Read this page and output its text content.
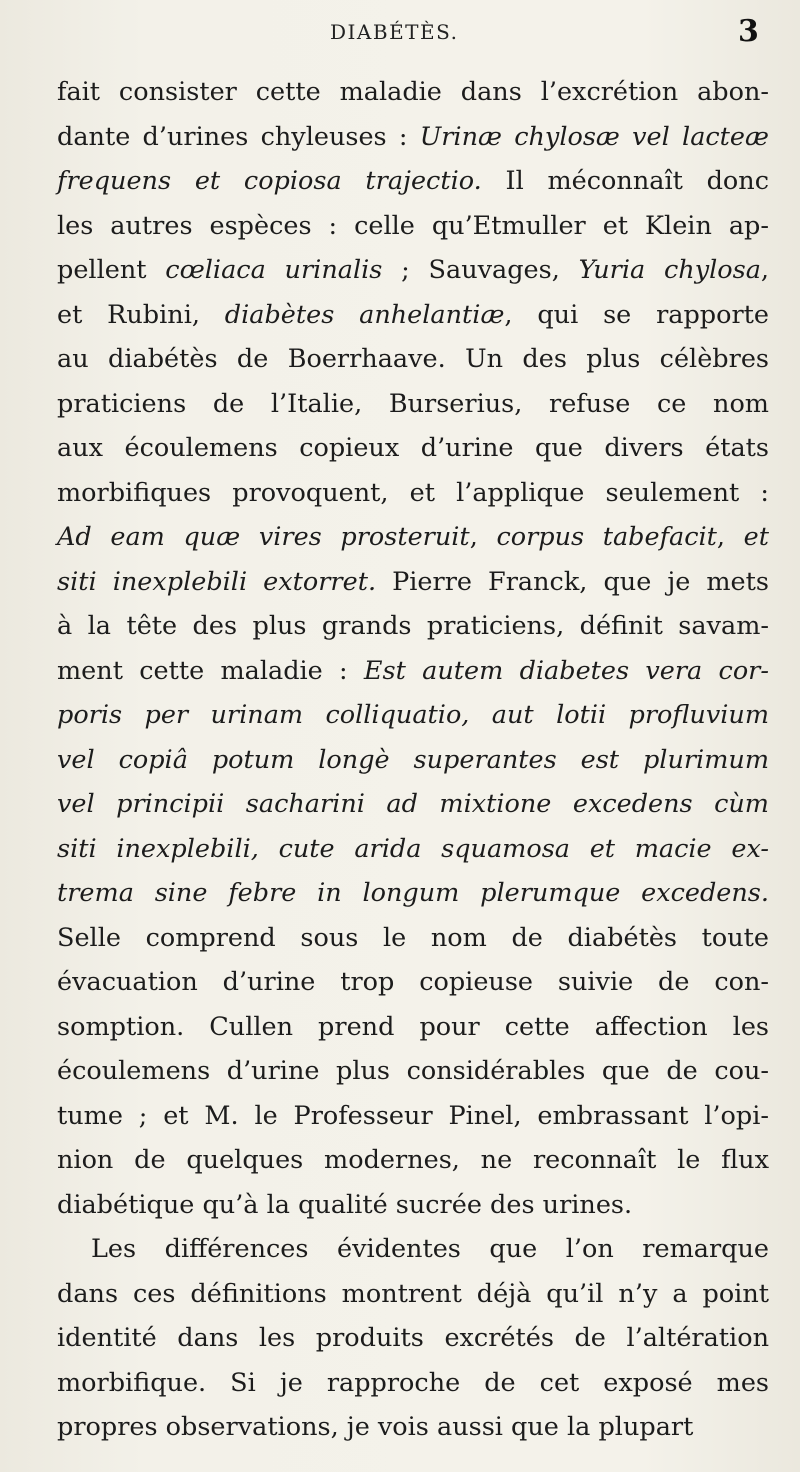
DIABÉTÈS.	3
fait consister cette maladie dans l’excrétion abon-
dante d’urines chyleuses : Urinæ chylosæ vel lacteæ
frequens et copiosa trajectio. Il méconnaît donc
les autres espèces : celle qu’Etmuller et Klein ap-
pellent cœliaca urinalis ; Sauvages, Yuria chylosa,
et Rubini, diabètes anhelantiæ, qui se rapporte
au diabétès de Boerrhaave. Un des plus célèbres
praticiens de l’Italie, Burserius, refuse ce nom
aux écoulemens copieux d’urine que divers états
morbifiques provoquent, et l’applique seulement :
Ad eam quæ vires prosteruit, corpus tabefacit, et
siti inexplebili extorret. Pierre Franck, que je mets
à la tête des plus grands praticiens, définit savam-
ment cette maladie : Est autem diabetes vera cor-
poris per urinam colliquatio, aut lotii profluvium
vel copiâ potum longè superantes est plurimum
vel principii sacharini ad mixtione excedens cùm
siti inexplebili, cute arida squamosa et macie ex-
trema sine febre in longum plerumque excedens.
Selle comprend sous le nom de diabétès toute
évacuation d’urine trop copieuse suivie de con-
somption. Cullen prend pour cette affection les
écoulemens d’urine plus considérables que de cou-
tume ; et M. le Professeur Pinel, embrassant l’opi-
nion de quelques modernes, ne reconnaît le flux
diabétique qu’à la qualité sucrée des urines.
Les différences évidentes que l’on remarque
dans ces définitions montrent déjà qu’il n’y a point
identité dans les produits excrétés de l’altération
morbifique. Si je rapproche de cet exposé mes
propres observations, je vois aussi que la plupart
